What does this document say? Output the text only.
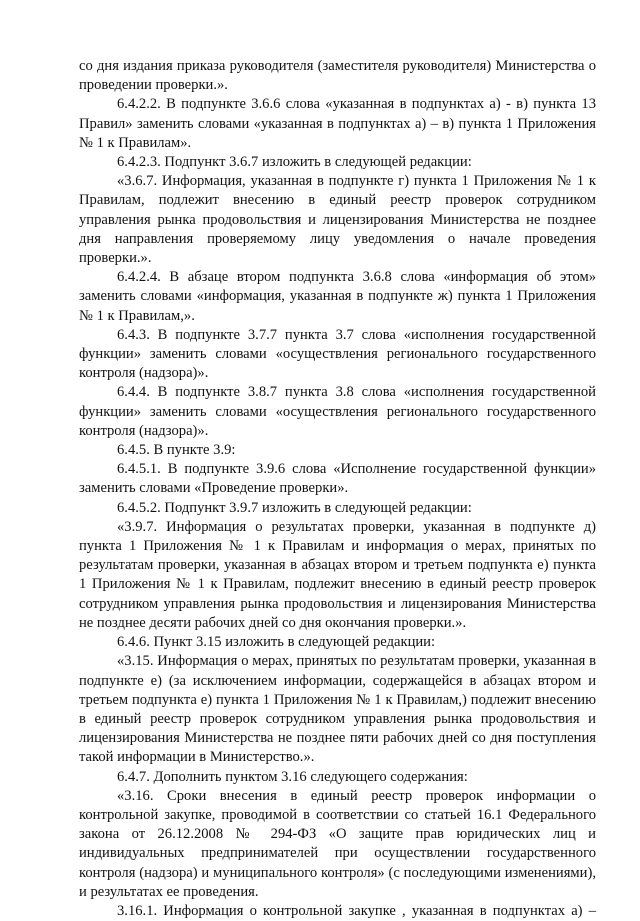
со дня издания приказа руководителя (заместителя руководителя) Министерства о проведении проверки.».

6.4.2.2. В подпункте 3.6.6 слова «указанная в подпунктах а) - в) пункта 13 Правил» заменить словами «указанная в подпунктах а) – в) пункта 1 Приложения № 1 к Правилам».

6.4.2.3. Подпункт 3.6.7 изложить в следующей редакции:

«3.6.7. Информация, указанная в подпункте г) пункта 1 Приложения № 1 к Правилам, подлежит внесению в единый реестр проверок сотрудником управления рынка продовольствия и лицензирования Министерства не позднее дня направления проверяемому лицу уведомления о начале проведения проверки.».

6.4.2.4. В абзаце втором подпункта 3.6.8 слова «информация об этом» заменить словами «информация, указанная в подпункте ж) пункта 1 Приложения № 1 к Правилам,».

6.4.3. В подпункте 3.7.7 пункта 3.7 слова «исполнения государственной функции» заменить словами «осуществления регионального государственного контроля (надзора)».

6.4.4. В подпункте 3.8.7 пункта 3.8 слова «исполнения государственной функции» заменить словами «осуществления регионального государственного контроля (надзора)».

6.4.5. В пункте 3.9:

6.4.5.1. В подпункте 3.9.6 слова «Исполнение государственной функции» заменить словами «Проведение проверки».

6.4.5.2. Подпункт 3.9.7 изложить в следующей редакции:

«3.9.7. Информация о результатах проверки, указанная в подпункте д) пункта 1 Приложения № 1 к Правилам и информация о мерах, принятых по результатам проверки, указанная в абзацах втором и третьем подпункта е) пункта 1 Приложения № 1 к Правилам, подлежит внесению в единый реестр проверок сотрудником управления рынка продовольствия и лицензирования Министерства не позднее десяти рабочих дней со дня окончания проверки.».

6.4.6. Пункт 3.15 изложить в следующей редакции:

«3.15. Информация о мерах, принятых по результатам проверки, указанная в подпункте е) (за исключением информации, содержащейся в абзацах втором и третьем подпункта е) пункта 1 Приложения № 1 к Правилам,) подлежит внесению в единый реестр проверок сотрудником управления рынка продовольствия и лицензирования Министерства не позднее пяти рабочих дней со дня поступления такой информации в Министерство.».

6.4.7. Дополнить пунктом 3.16 следующего содержания:

«3.16. Сроки внесения в единый реестр проверок информации о контрольной закупке, проводимой в соответствии со статьей 16.1 Федерального закона от 26.12.2008 № 294-ФЗ «О защите прав юридических лиц и индивидуальных предпринимателей при осуществлении государственного контроля (надзора) и муниципального контроля» (с последующими изменениями), и результатах ее проведения.

3.16.1. Информация о контрольной закупке , указанная в подпунктах а) –
